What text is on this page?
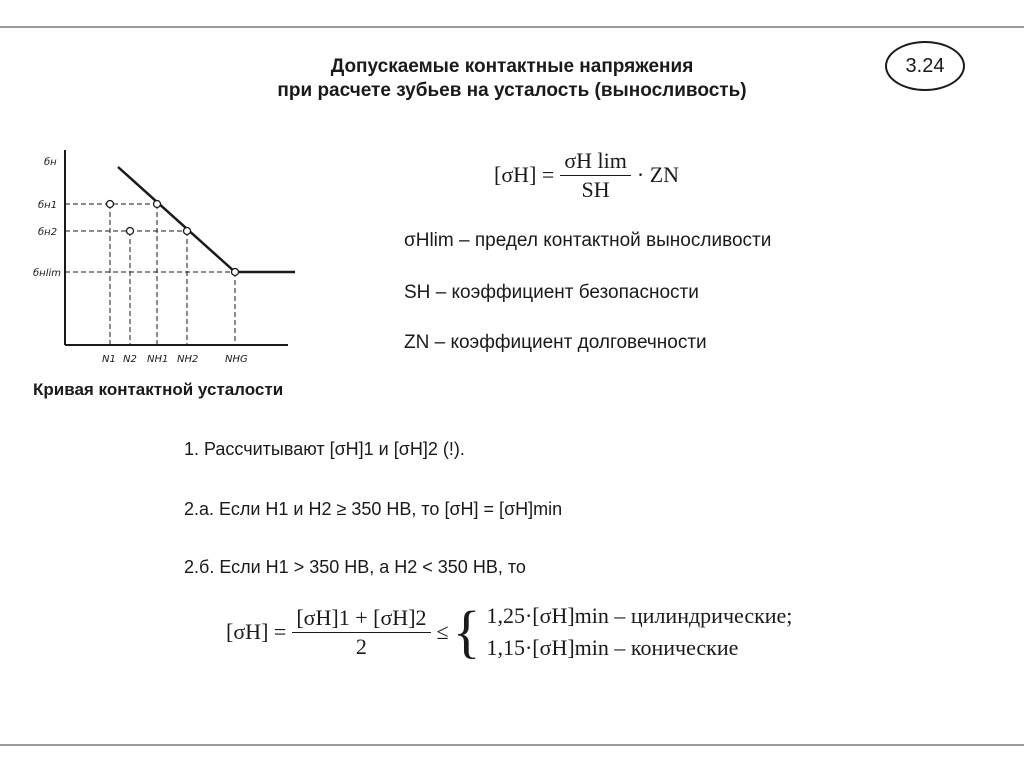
Допускаемые контактные напряжения
при расчете зубьев на усталость (выносливость)
3.24
бн
бн1
бн2
бнlim
N1 N2 NH1 NH2	NHG
Кривая контактной усталости
$[\sigma H] = \frac{\text{σH lim}}{SH}$ · ZN
σHlim – предел контактной выносливости
SH – коэффициент безопасности
ZN – коэффициент долговечности
1. Рассчитывают [σH]1 и [σH]2 (!).
2.а. Если H1 и H2 ≥ 350 HB, то [σH] = [σH]min
2.б. Если H1 > 350 HB, а H2 < 350 HB, то
$[\sigma H] = \frac{[\sigma H]1 + [\sigma H]2}{2}$ ≤ { 1,25·[σH]min – цилиндрические;
1,15·[σH]min – конические
